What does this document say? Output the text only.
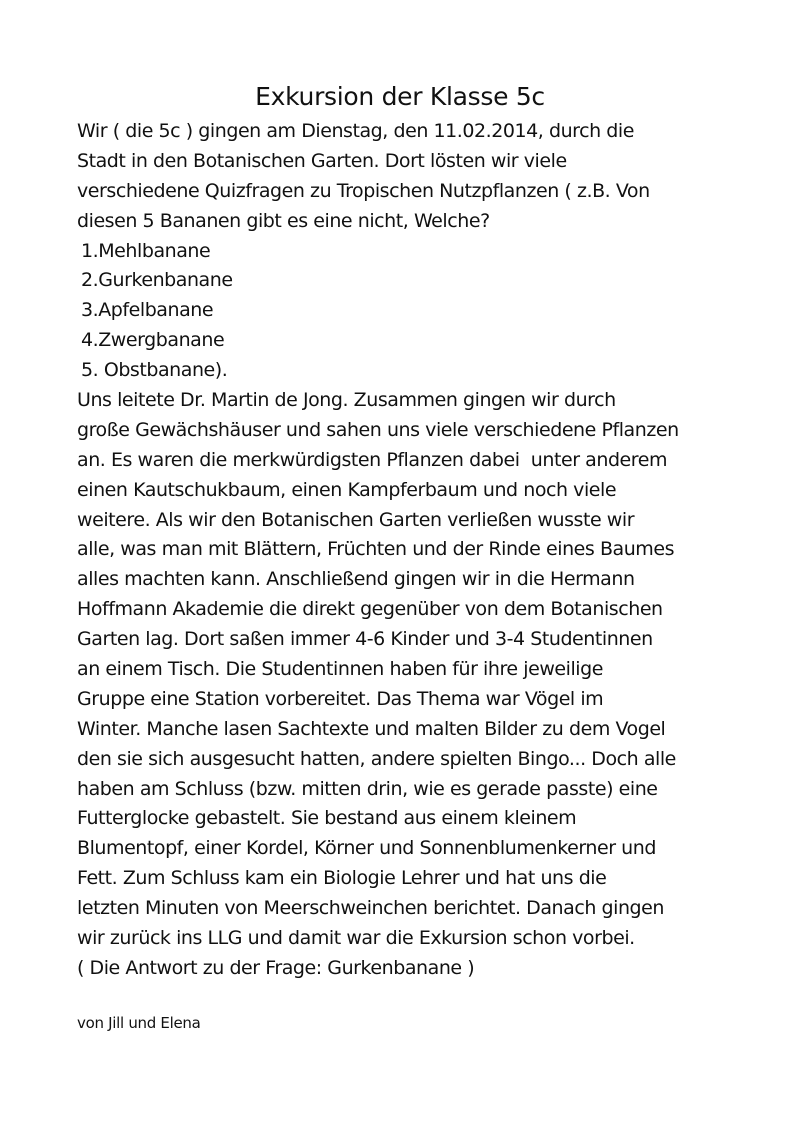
Exkursion der Klasse 5c
Wir ( die 5c ) gingen am Dienstag, den 11.02.2014, durch die
Stadt in den Botanischen Garten. Dort lösten wir viele
verschiedene Quizfragen zu Tropischen Nutzpflanzen ( z.B. Von
diesen 5 Bananen gibt es eine nicht, Welche?
1.Mehlbanane
2.Gurkenbanane
3.Apfelbanane
4.Zwergbanane
5. Obstbanane).
Uns leitete Dr. Martin de Jong. Zusammen gingen wir durch
große Gewächshäuser und sahen uns viele verschiedene Pflanzen
an. Es waren die merkwürdigsten Pflanzen dabei  unter anderem
einen Kautschukbaum, einen Kampferbaum und noch viele
weitere. Als wir den Botanischen Garten verließen wusste wir
alle, was man mit Blättern, Früchten und der Rinde eines Baumes
alles machten kann. Anschließend gingen wir in die Hermann
Hoffmann Akademie die direkt gegenüber von dem Botanischen
Garten lag. Dort saßen immer 4-6 Kinder und 3-4 Studentinnen
an einem Tisch. Die Studentinnen haben für ihre jeweilige
Gruppe eine Station vorbereitet. Das Thema war Vögel im
Winter. Manche lasen Sachtexte und malten Bilder zu dem Vogel
den sie sich ausgesucht hatten, andere spielten Bingo... Doch alle
haben am Schluss (bzw. mitten drin, wie es gerade passte) eine
Futterglocke gebastelt. Sie bestand aus einem kleinem
Blumentopf, einer Kordel, Körner und Sonnenblumenkerner und
Fett. Zum Schluss kam ein Biologie Lehrer und hat uns die
letzten Minuten von Meerschweinchen berichtet. Danach gingen
wir zurück ins LLG und damit war die Exkursion schon vorbei.
( Die Antwort zu der Frage: Gurkenbanane )
von Jill und Elena
